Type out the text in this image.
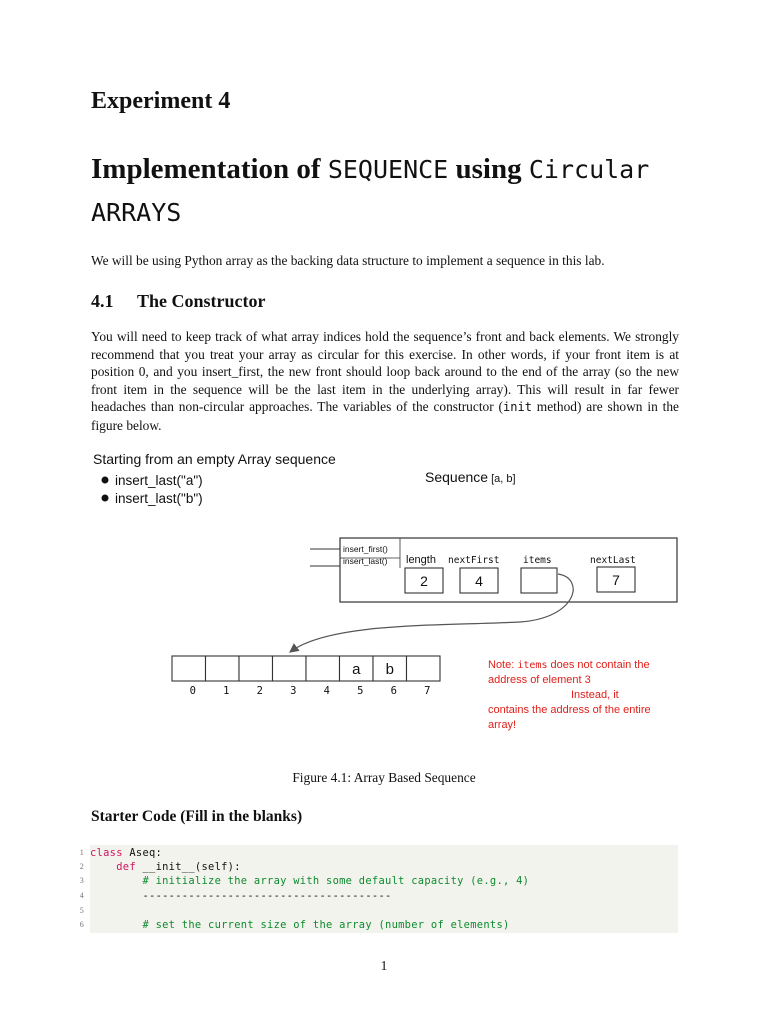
Experiment 4
Implementation of SEQUENCE using Circular ARRAYS
We will be using Python array as the backing data structure to implement a sequence in this lab.
4.1 The Constructor
You will need to keep track of what array indices hold the sequence’s front and back elements. We strongly recommend that you treat your array as circular for this exercise. In other words, if your front item is at position 0, and you insert_first, the new front should loop back around to the end of the array (so the new front item in the sequence will be the last item in the underlying array). This will result in far fewer headaches than non-circular approaches. The variables of the constructor (init method) are shown in the figure below.
Starting from an empty Array sequence
insert_last("a")
insert_last("b")
Sequence [a, b]
insert_first()
insert_last() length
2
nextFirst
4
items	nextLast
7
a b
0	1	2	3	4	5	6	7
Note: items does not contain the
address of element 3
Instead, it
contains the address of the entire
array!
Figure 4.1: Array Based Sequence
Starter Code (Fill in the blanks)
1 class Aseq:
2	def __init__(self):
3	# initialize the array with some default capacity (e.g., 4)
4	--------------------------------------
5
6	# set the current size of the array (number of elements)
1
